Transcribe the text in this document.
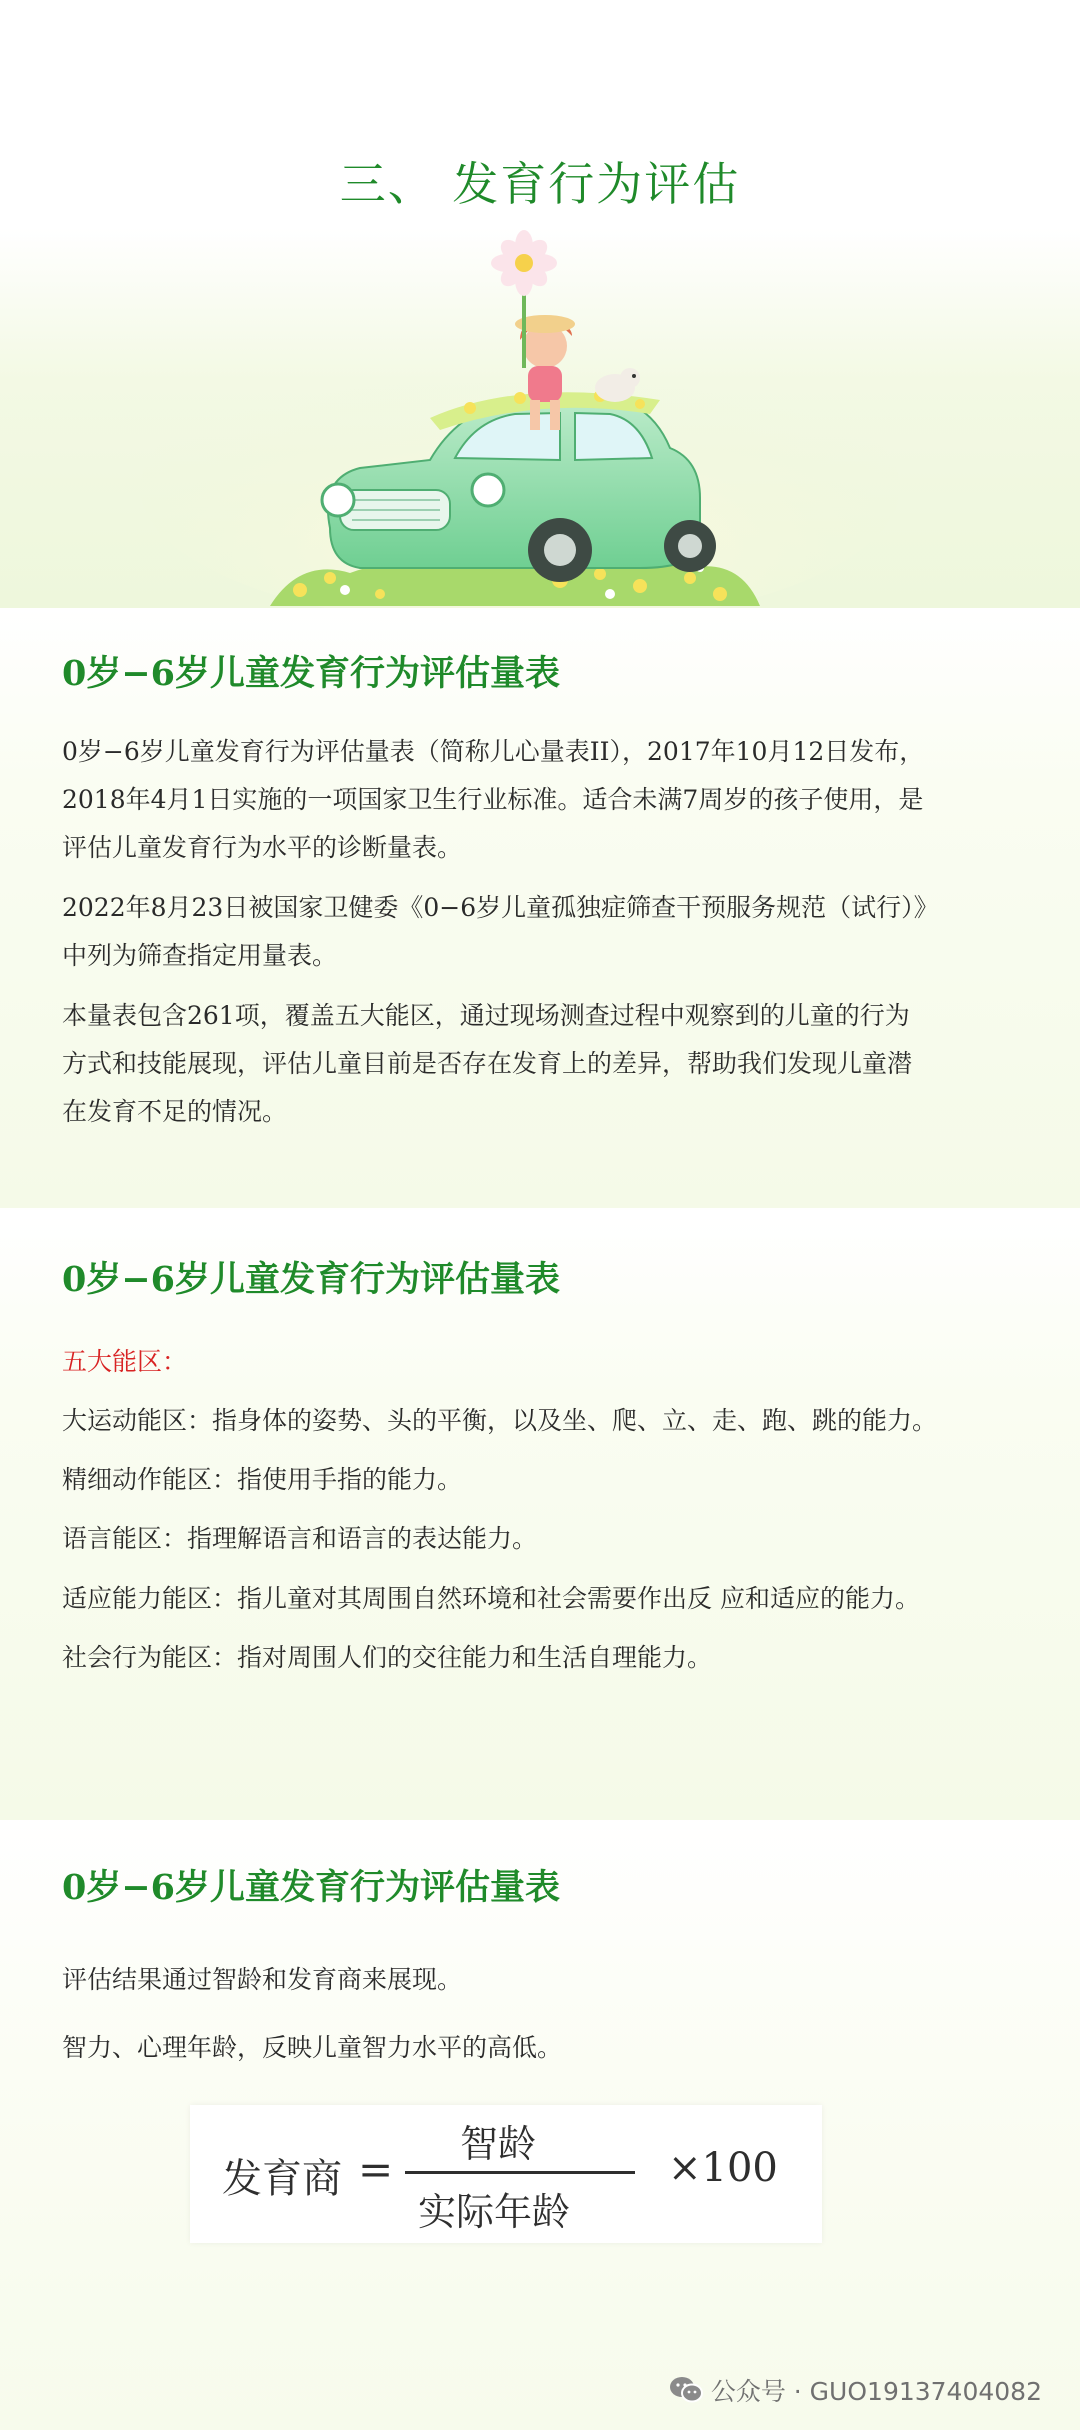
三、 发育行为评估
0岁−6岁儿童发育行为评估量表
0岁−6岁儿童发育行为评估量表（简称儿心量表II），2017年10月12日发布，
2018年4月1日实施的一项国家卫生行业标准。适合未满7周岁的孩子使用，是
评估儿童发育行为水平的诊断量表。
2022年8月23日被国家卫健委《0−6岁儿童孤独症筛查干预服务规范（试行）》
中列为筛查指定用量表。
本量表包含261项，覆盖五大能区，通过现场测查过程中观察到的儿童的行为
方式和技能展现，评估儿童目前是否存在发育上的差异，帮助我们发现儿童潜
在发育不足的情况。
0岁−6岁儿童发育行为评估量表
五大能区：
大运动能区：指身体的姿势、头的平衡，以及坐、爬、立、走、跑、跳的能力。
精细动作能区：指使用手指的能力。
语言能区：指理解语言和语言的表达能力。
适应能力能区：指儿童对其周围自然环境和社会需要作出反 应和适应的能力。
社会行为能区：指对周围人们的交往能力和生活自理能力。
0岁−6岁儿童发育行为评估量表
评估结果通过智龄和发育商来展现。
智力、心理年龄，反映儿童智力水平的高低。
发育商 =
智龄
实际年龄
×100
公众号 · GUO19137404082
